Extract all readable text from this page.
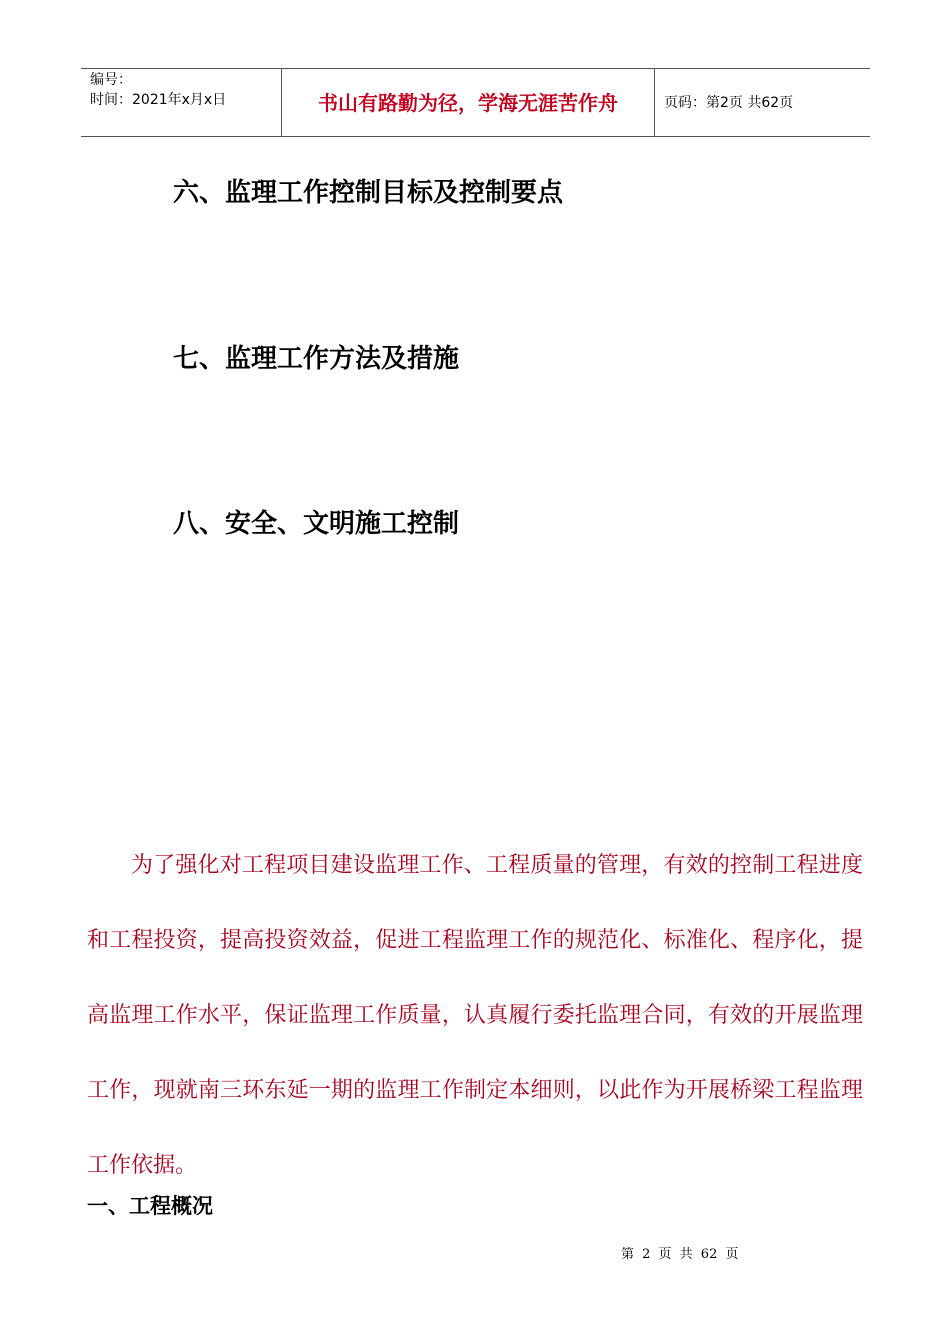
编号：
时间：2021年x月x日	书山有路勤为径，学海无涯苦作舟	页码：第2页 共62页
六、监理工作控制目标及控制要点
七、监理工作方法及措施
八、安全、文明施工控制
为了强化对工程项目建设监理工作、工程质量的管理，有效的控制工程进度和工程投资，提高投资效益，促进工程监理工作的规范化、标准化、程序化，提高监理工作水平，保证监理工作质量，认真履行委托监理合同，有效的开展监理工作，现就南三环东延一期的监理工作制定本细则，以此作为开展桥梁工程监理工作依据。
一、工程概况
第 2 页 共 62 页
